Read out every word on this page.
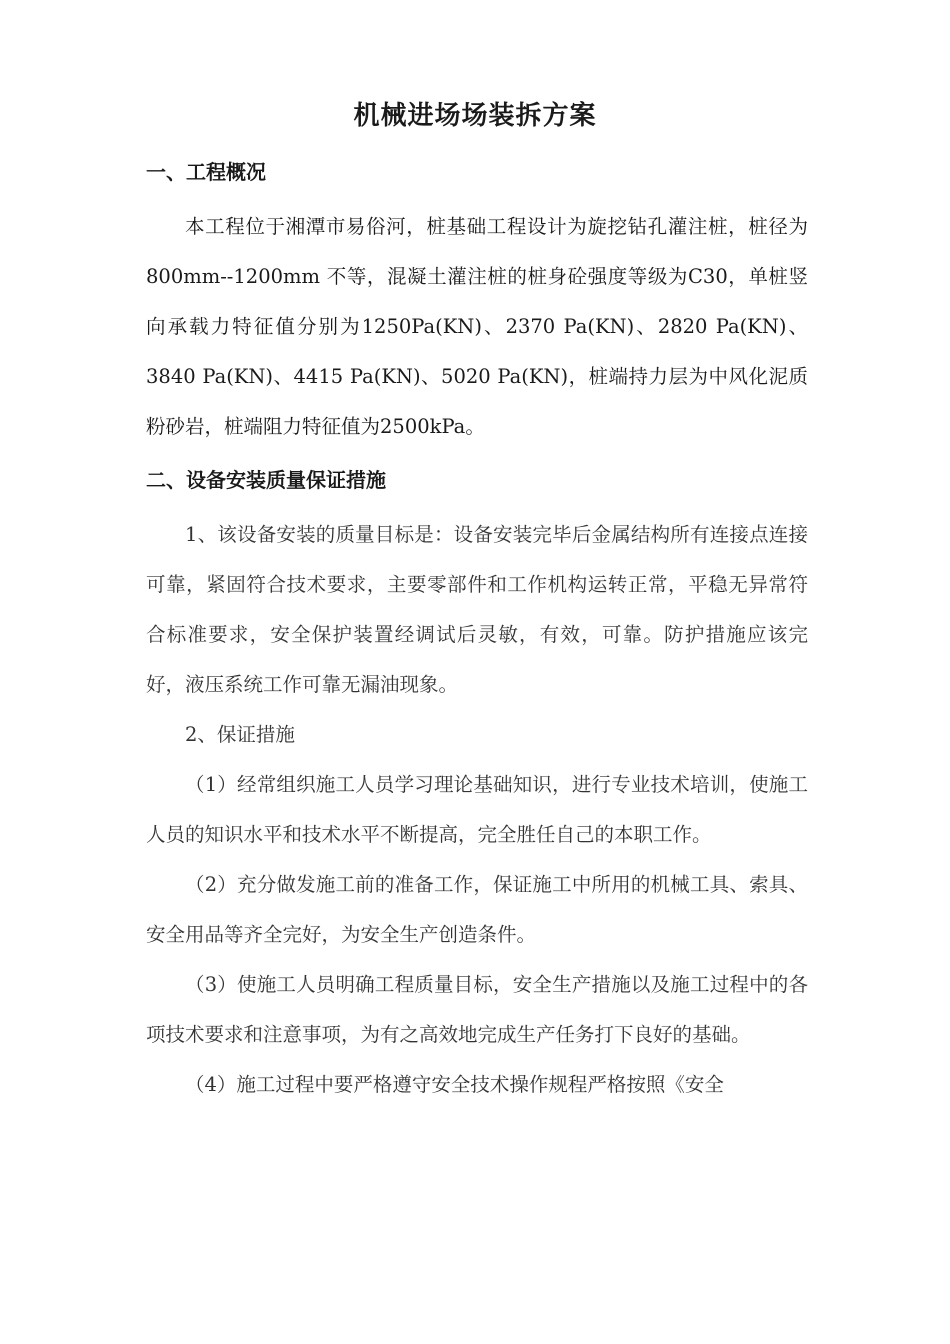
机械进场场装拆方案
一、工程概况

本工程位于湘潭市易俗河，桩基础工程设计为旋挖钻孔灌注桩，桩径为 800mm--1200mm 不等，混凝土灌注桩的桩身砼强度等级为C30，单桩竖向承载力特征值分别为1250Pa(KN)、2370 Pa(KN)、2820 Pa(KN)、3840 Pa(KN)、4415 Pa(KN)、5020 Pa(KN)，桩端持力层为中风化泥质粉砂岩，桩端阻力特征值为2500kPa。

二、设备安装质量保证措施

1、该设备安装的质量目标是：设备安装完毕后金属结构所有连接点连接可靠，紧固符合技术要求，主要零部件和工作机构运转正常，平稳无异常符合标准要求，安全保护装置经调试后灵敏，有效，可靠。防护措施应该完好，液压系统工作可靠无漏油现象。

2、保证措施

（1）经常组织施工人员学习理论基础知识，进行专业技术培训，使施工人员的知识水平和技术水平不断提高，完全胜任自己的本职工作。

（2）充分做发施工前的准备工作，保证施工中所用的机械工具、索具、安全用品等齐全完好，为安全生产创造条件。

（3）使施工人员明确工程质量目标，安全生产措施以及施工过程中的各项技术要求和注意事项，为有之高效地完成生产任务打下良好的基础。

（4）施工过程中要严格遵守安全技术操作规程严格按照《安全
